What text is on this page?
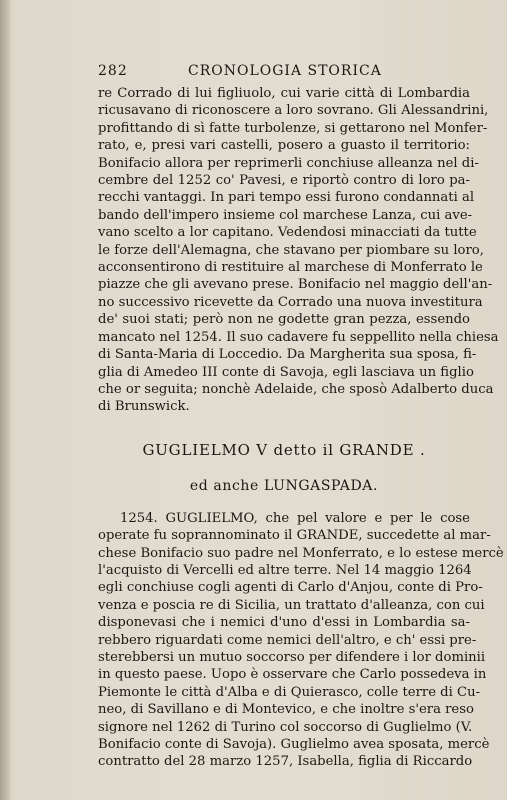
282	CRONOLOGIA STORICA
re Corrado di lui figliuolo, cui varie città di Lombardia
ricusavano di riconoscere a loro sovrano. Gli Alessandrini,
profittando di sì fatte turbolenze, si gettarono nel Monfer-
rato, e, presi vari castelli, posero a guasto il territorio:
Bonifacio allora per reprimerli conchiuse alleanza nel di-
cembre del 1252 co' Pavesi, e riportò contro di loro pa-
recchi vantaggi. In pari tempo essi furono condannati al
bando dell'impero insieme col marchese Lanza, cui ave-
vano scelto a lor capitano. Vedendosi minacciati da tutte
le forze dell'Alemagna, che stavano per piombare su loro,
acconsentirono di restituire al marchese di Monferrato le
piazze che gli avevano prese. Bonifacio nel maggio dell'an-
no successivo ricevette da Corrado una nuova investitura
de' suoi stati; però non ne godette gran pezza, essendo
mancato nel 1254. Il suo cadavere fu seppellito nella chiesa
di Santa-Maria di Loccedio. Da Margherita sua sposa, fi-
glia di Amedeo III conte di Savoja, egli lasciava un figlio
che or seguita; nonchè Adelaide, che sposò Adalberto duca
di Brunswick.
GUGLIELMO V detto il GRANDE .
ed anche LUNGASPADA.
1254. GUGLIELMO, che pel valore e per le cose
operate fu soprannominato il GRANDE, succedette al mar-
chese Bonifacio suo padre nel Monferrato, e lo estese mercè
l'acquisto di Vercelli ed altre terre. Nel 14 maggio 1264
egli conchiuse cogli agenti di Carlo d'Anjou, conte di Pro-
venza e poscia re di Sicilia, un trattato d'alleanza, con cui
disponevasi che i nemici d'uno d'essi in Lombardia sa-
rebbero riguardati come nemici dell'altro, e ch' essi pre-
sterebbersi un mutuo soccorso per difendere i lor dominii
in questo paese. Uopo è osservare che Carlo possedeva in
Piemonte le città d'Alba e di Quierasco, colle terre di Cu-
neo, di Savillano e di Montevico, e che inoltre s'era reso
signore nel 1262 di Turino col soccorso di Guglielmo (V.
Bonifacio conte di Savoja). Guglielmo avea sposata, mercè
contratto del 28 marzo 1257, Isabella, figlia di Riccardo
